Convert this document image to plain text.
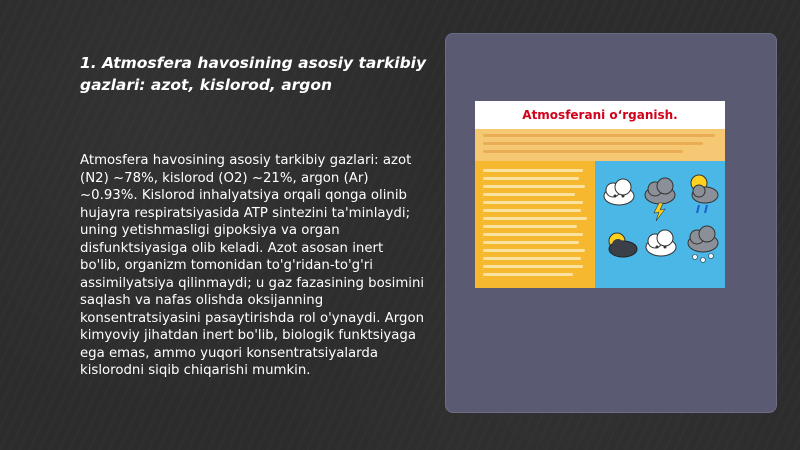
1. Atmosfera havosining asosiy tarkibiy gazlari: azot, kislorod, argon

Atmosfera havosining asosiy tarkibiy gazlari: azot (N2) ~78%, kislorod (O2) ~21%, argon (Ar) ~0.93%. Kislorod inhalyatsiya orqali qonga olinib hujayra respiratsiyasida ATP sintezini ta'minlaydi; uning yetishmasligi gipoksiya va organ disfunktsiyasiga olib keladi. Azot asosan inert bo'lib, organizm tomonidan to'g'ridan-to'g'ri assimilyatsiya qilinmaydi; u gaz fazasining bosimini saqlash va nafas olishda oksijanning konsentratsiyasini pasaytirishda rol o'ynaydi. Argon kimyoviy jihatdan inert bo'lib, biologik funktsiyaga ega emas, ammo yuqori konsentratsiyalarda kislorodni siqib chiqarishi mumkin.

Atmosferani o‘rganish.
